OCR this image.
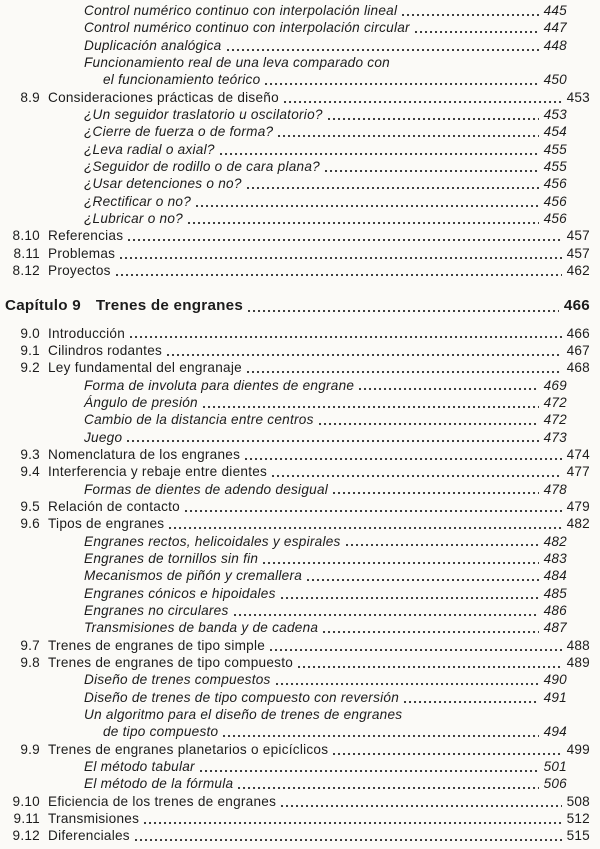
Control numérico continuo con interpolación lineal	445
Control numérico continuo con interpolación circular	447
Duplicación analógica	448
Funcionamiento real de una leva comparado con
el funcionamiento teórico	450
8.9 Consideraciones prácticas de diseño	453
¿Un seguidor traslatorio u oscilatorio?	453
¿Cierre de fuerza o de forma?	454
¿Leva radial o axial?	455
¿Seguidor de rodillo o de cara plana?	455
¿Usar detenciones o no?	456
¿Rectificar o no?	456
¿Lubricar o no?	456
8.10 Referencias	457
8.11 Problemas	457
8.12 Proyectos	462
Capítulo 9 Trenes de engranes	466
9.0 Introducción	466
9.1 Cilindros rodantes	467
9.2 Ley fundamental del engranaje	468
Forma de involuta para dientes de engrane	469
Ángulo de presión	472
Cambio de la distancia entre centros	472
Juego	473
9.3 Nomenclatura de los engranes	474
9.4 Interferencia y rebaje entre dientes	477
Formas de dientes de adendo desigual	478
9.5 Relación de contacto	479
9.6 Tipos de engranes	482
Engranes rectos, helicoidales y espirales	482
Engranes de tornillos sin fin	483
Mecanismos de piñón y cremallera	484
Engranes cónicos e hipoidales	485
Engranes no circulares	486
Transmisiones de banda y de cadena	487
9.7 Trenes de engranes de tipo simple	488
9.8 Trenes de engranes de tipo compuesto	489
Diseño de trenes compuestos	490
Diseño de trenes de tipo compuesto con reversión	491
Un algoritmo para el diseño de trenes de engranes
de tipo compuesto	494
9.9 Trenes de engranes planetarios o epicíclicos	499
El método tabular	501
El método de la fórmula	506
9.10 Eficiencia de los trenes de engranes	508
9.11 Transmisiones	512
9.12 Diferenciales	515
